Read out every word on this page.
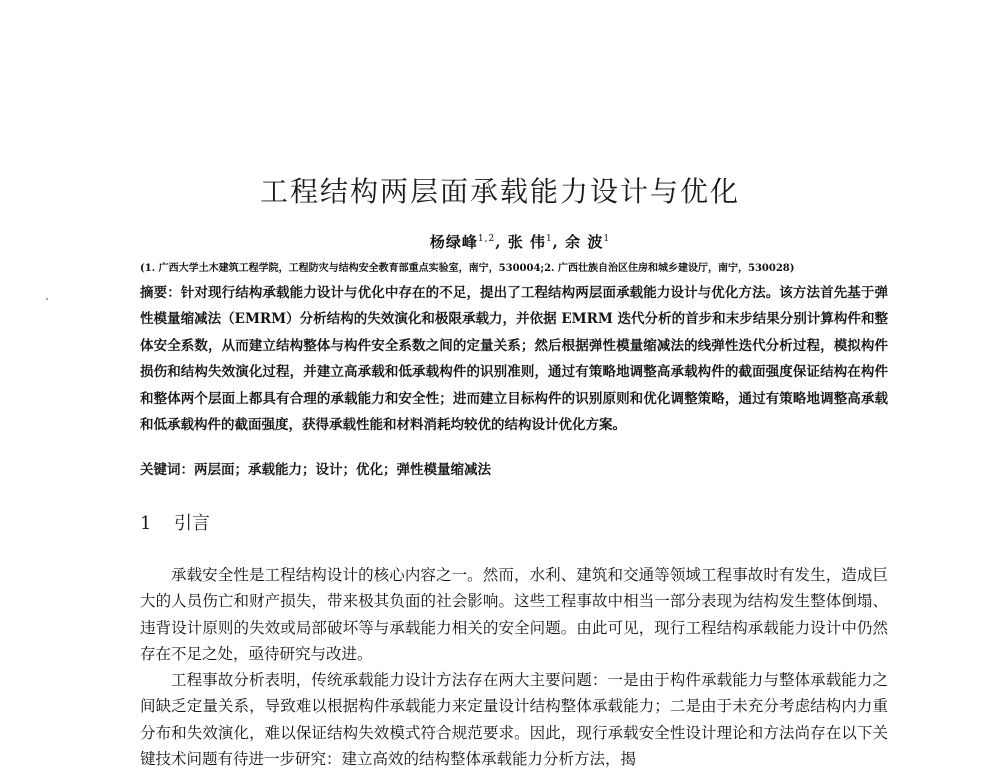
工程结构两层面承载能力设计与优化
杨绿峰$^{1,2}$, 张 伟$^1$, 余 波$^1$
(1. 广西大学土木建筑工程学院，工程防灾与结构安全教育部重点实验室，南宁，530004;2. 广西壮族自治区住房和城乡建设厅，南宁，530028)
摘要：针对现行结构承载能力设计与优化中存在的不足，提出了工程结构两层面承载能力设计与优化方法。该方法首先基于弹性模量缩减法（EMRM）分析结构的失效演化和极限承载力，并依据 EMRM 迭代分析的首步和末步结果分别计算构件和整体安全系数，从而建立结构整体与构件安全系数之间的定量关系；然后根据弹性模量缩减法的线弹性迭代分析过程，模拟构件损伤和结构失效演化过程，并建立高承载和低承载构件的识别准则，通过有策略地调整高承载构件的截面强度保证结构在构件和整体两个层面上都具有合理的承载能力和安全性；进而建立目标构件的识别原则和优化调整策略，通过有策略地调整高承载和低承载构件的截面强度，获得承载性能和材料消耗均较优的结构设计优化方案。
关键词：两层面；承载能力；设计；优化；弹性模量缩减法
1 引言

承载安全性是工程结构设计的核心内容之一。然而，水利、建筑和交通等领域工程事故时有发生，造成巨大的人员伤亡和财产损失，带来极其负面的社会影响。这些工程事故中相当一部分表现为结构发生整体倒塌、违背设计原则的失效或局部破坏等与承载能力相关的安全问题。由此可见，现行工程结构承载能力设计中仍然存在不足之处，亟待研究与改进。

工程事故分析表明，传统承载能力设计方法存在两大主要问题：一是由于构件承载能力与整体承载能力之间缺乏定量关系，导致难以根据构件承载能力来定量设计结构整体承载能力；二是由于未充分考虑结构内力重分布和失效演化，难以保证结构失效模式符合规范要求。因此，现行承载安全性设计理论和方法尚存在以下关键技术问题有待进一步研究：建立高效的结构整体承载能力分析方法，揭
